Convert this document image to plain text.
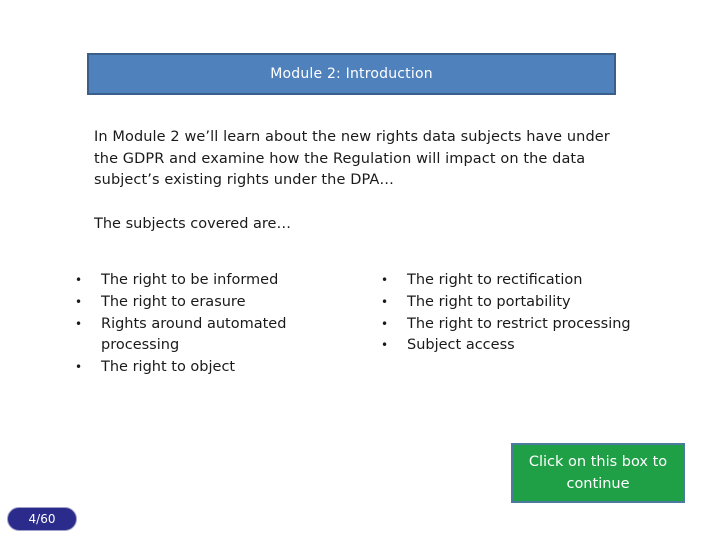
Module 2: Introduction

In Module 2 we’ll learn about the new rights data subjects have under the GDPR and examine how the Regulation will impact on the data subject’s existing rights under the DPA…

The subjects covered are…
•	The right to be informed
•	The right to erasure
•	Rights around automated processing
•	The right to object
•	The right to rectification
•	The right to portability
•	The right to restrict processing
•	Subject access
Click on this box to continue
4/60
